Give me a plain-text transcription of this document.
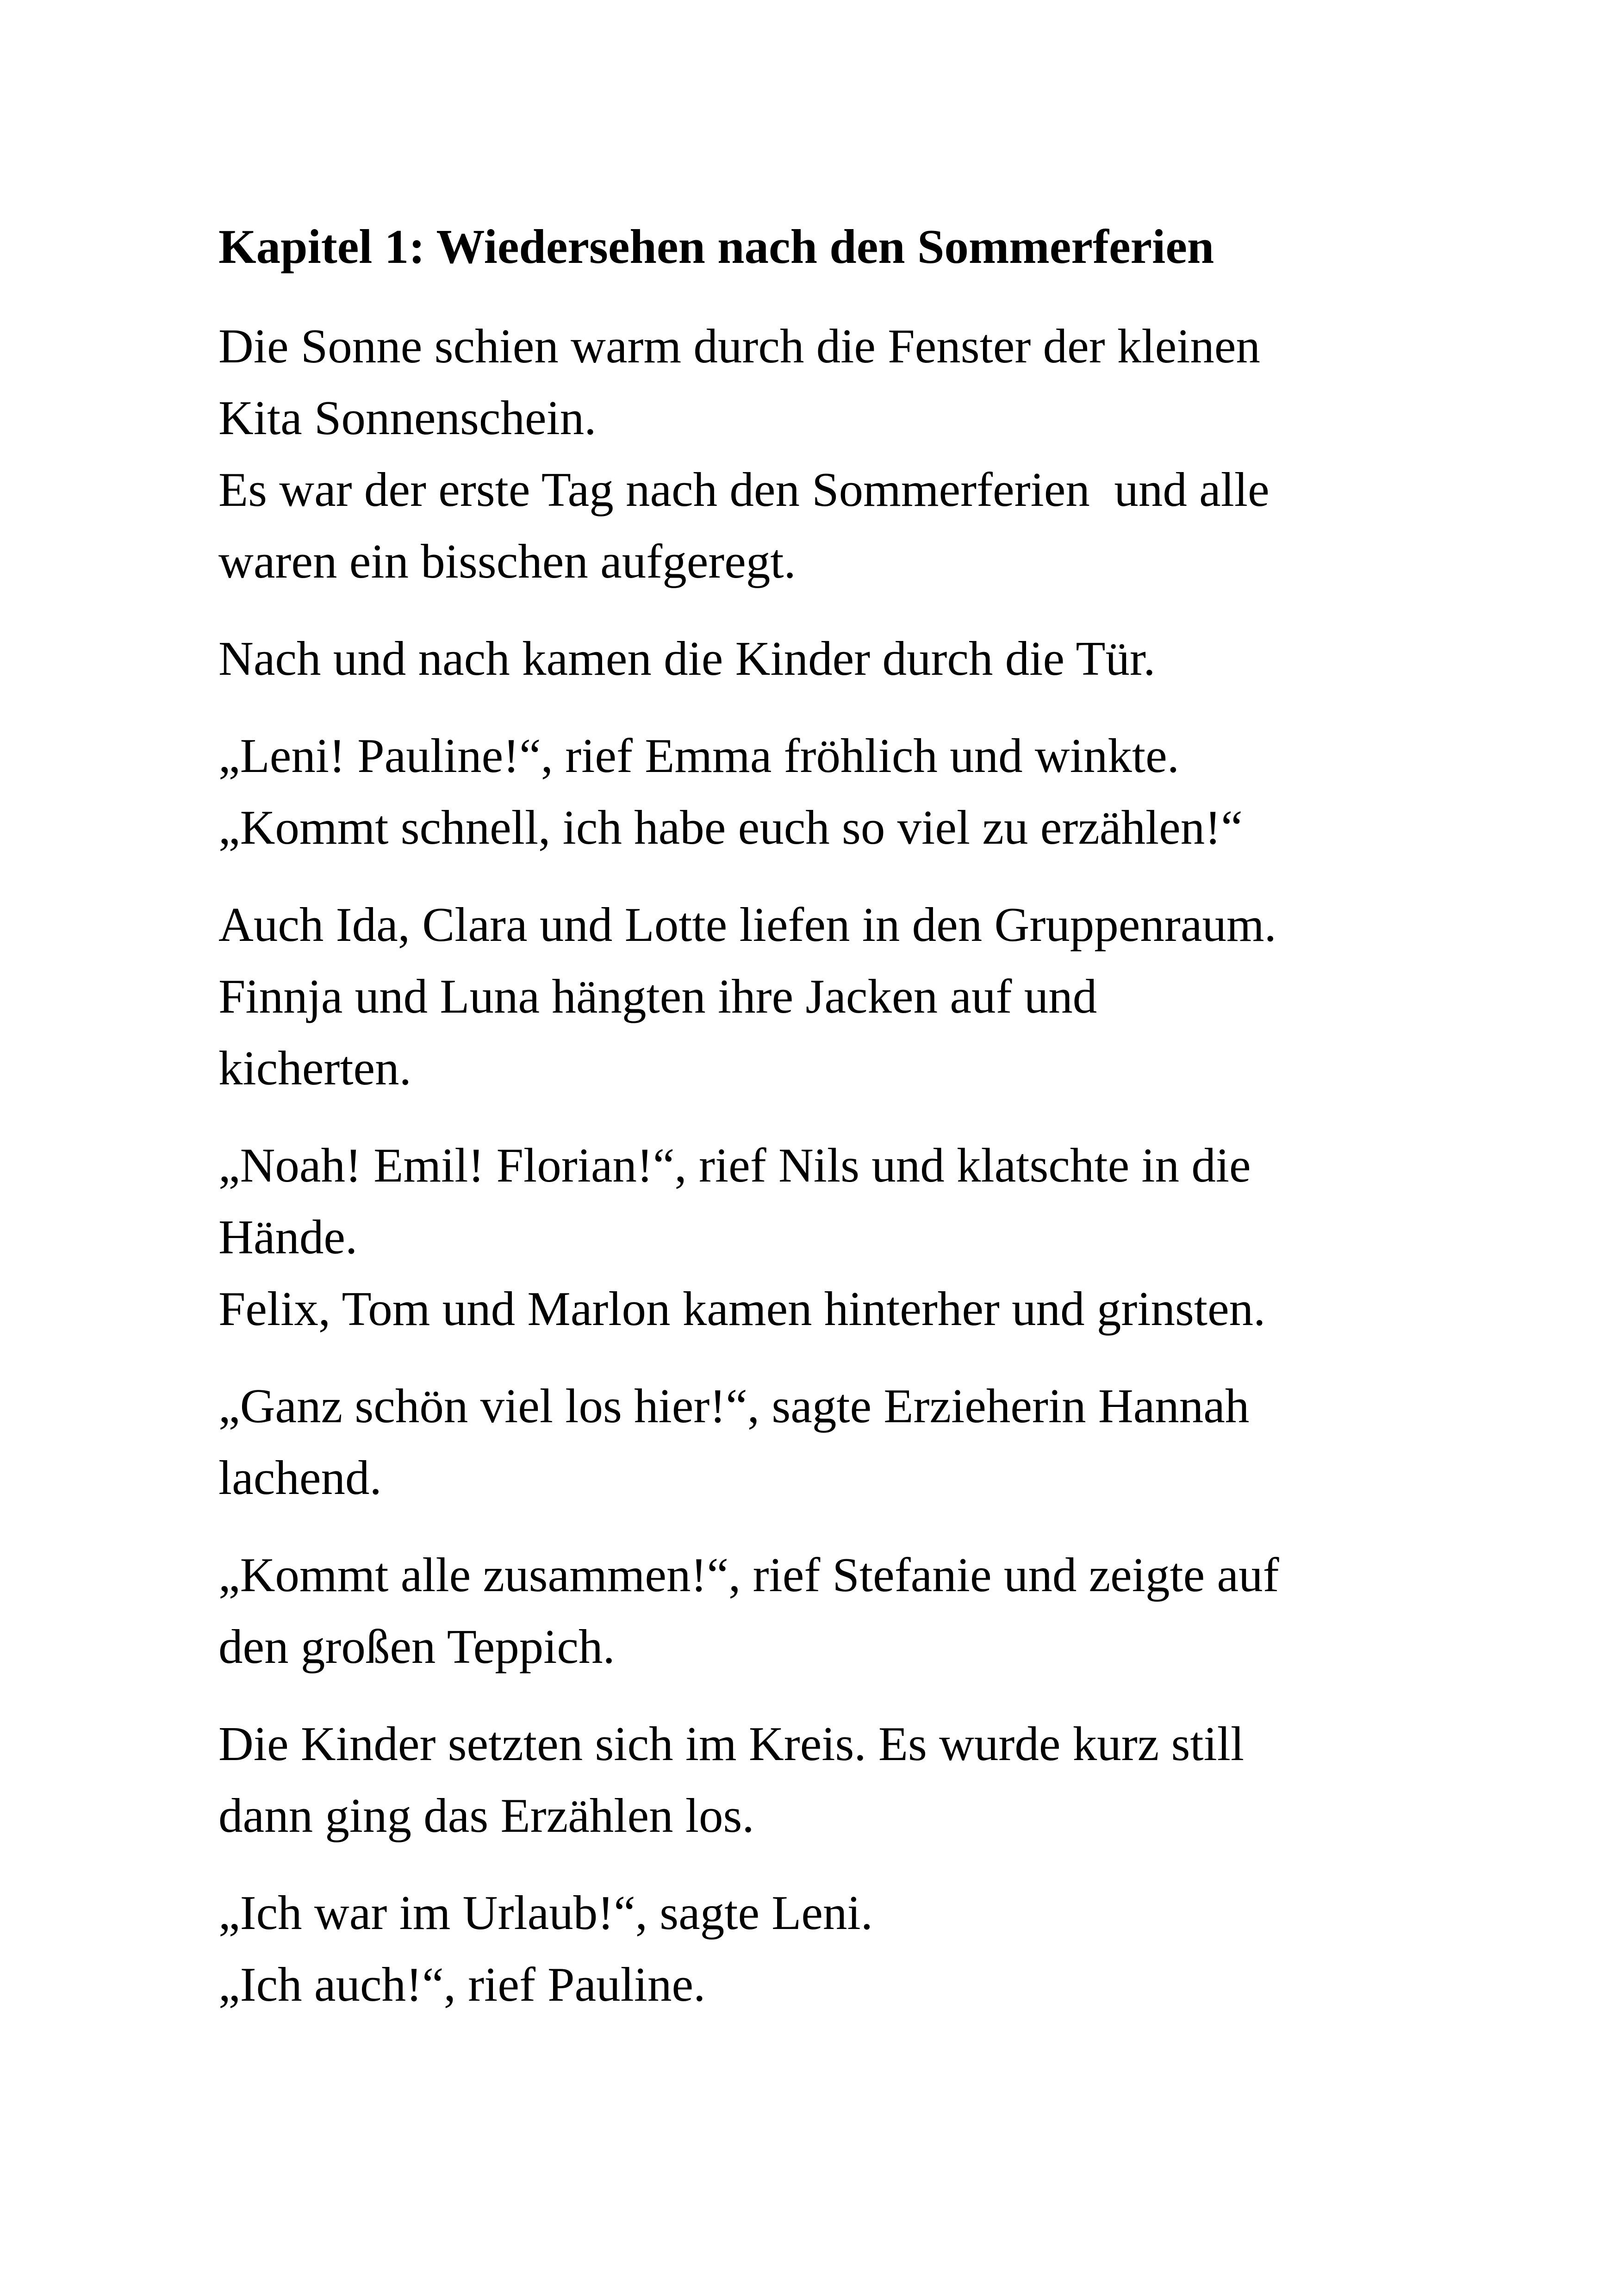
Kapitel 1: Wiedersehen nach den Sommerferien
Die Sonne schien warm durch die Fenster der kleinen
Kita Sonnenschein.
Es war der erste Tag nach den Sommerferien  und alle
waren ein bisschen aufgeregt.
Nach und nach kamen die Kinder durch die Tür.
„Leni! Pauline!“, rief Emma fröhlich und winkte.
„Kommt schnell, ich habe euch so viel zu erzählen!“
Auch Ida, Clara und Lotte liefen in den Gruppenraum.
Finnja und Luna hängten ihre Jacken auf und
kicherten.
„Noah! Emil! Florian!“, rief Nils und klatschte in die
Hände.
Felix, Tom und Marlon kamen hinterher und grinsten.
„Ganz schön viel los hier!“, sagte Erzieherin Hannah
lachend.
„Kommt alle zusammen!“, rief Stefanie und zeigte auf
den großen Teppich.
Die Kinder setzten sich im Kreis. Es wurde kurz still
dann ging das Erzählen los.
„Ich war im Urlaub!“, sagte Leni.
„Ich auch!“, rief Pauline.
